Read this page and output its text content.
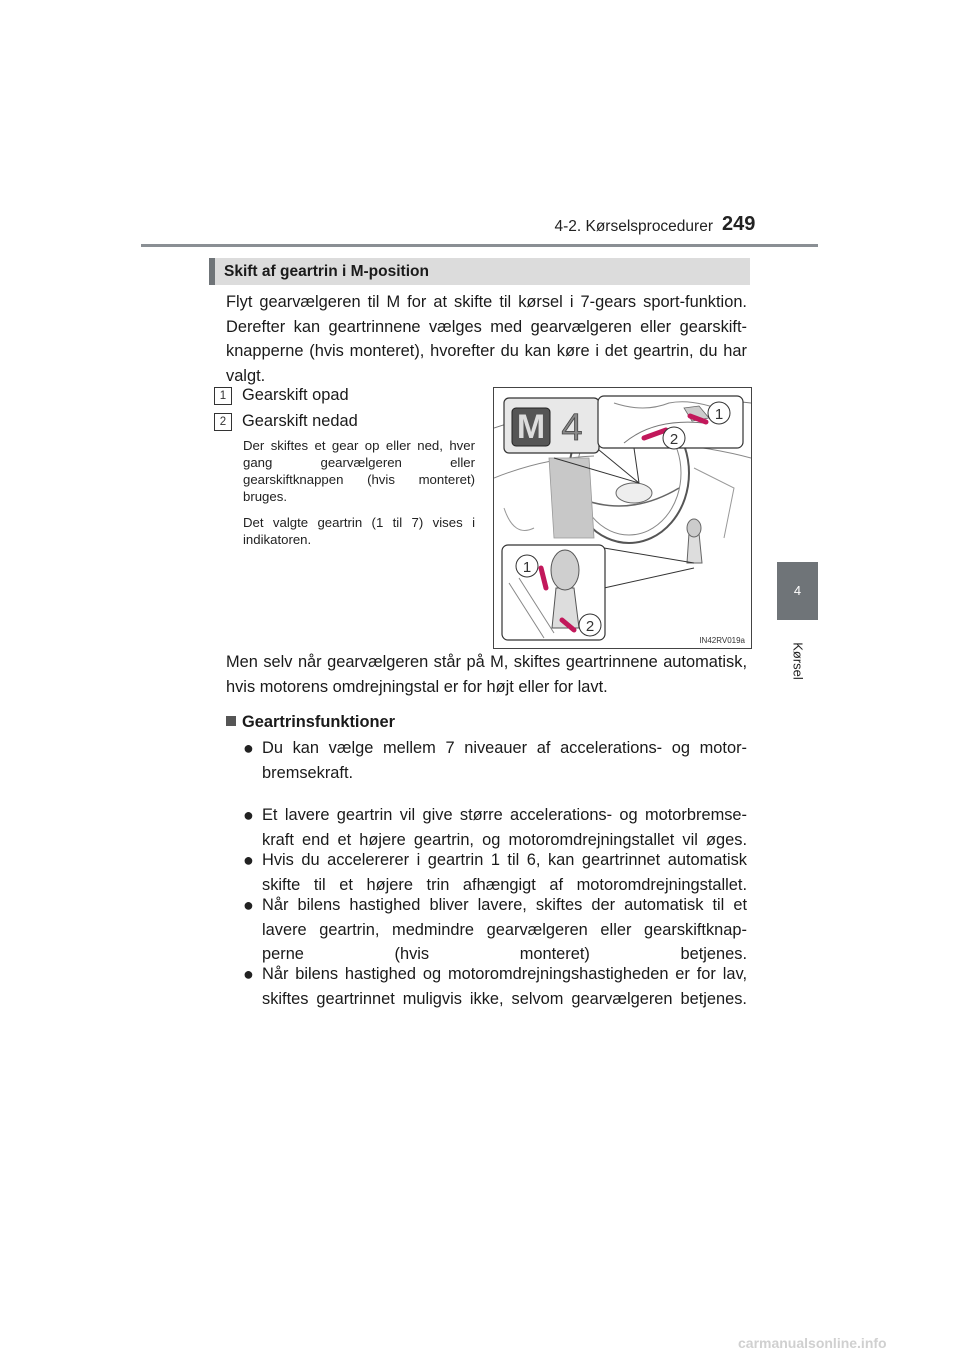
4-2. Kørselsprocedurer 249
4
Kørsel
Skift af geartrin i M-position
Flyt gearvælgeren til M for at skifte til kørsel i 7-gears sport-funktion.
Derefter kan geartrinnene vælges med gearvælgeren eller gearskift-
knapperne (hvis monteret), hvorefter du kan køre i det geartrin, du har
valgt.
1 Gearskift opad
2 Gearskift nedad
Der skiftes et gear op eller ned, hver gang gearvælgeren eller gearskiftknappen (hvis monteret) bruges.
Det valgte geartrin (1 til 7) vises i indikatoren.
M 4	1
2
1
2
IN42RV019a
Men selv når gearvælgeren står på M, skiftes geartrinnene automatisk,
hvis motorens omdrejningstal er for højt eller for lavt.
Geartrinsfunktioner
● Du kan vælge mellem 7 niveauer af accelerations- og motor-
bremsekraft.
● Et lavere geartrin vil give større accelerations- og motorbremse-
kraft end et højere geartrin, og motoromdrejningstallet vil øges.
● Hvis du accelererer i geartrin 1 til 6, kan geartrinnet automatisk
skifte til et højere trin afhængigt af motoromdrejningstallet.
● Når bilens hastighed bliver lavere, skiftes der automatisk til et
lavere geartrin, medmindre gearvælgeren eller gearskiftknap-
perne (hvis monteret) betjenes.
● Når bilens hastighed og motoromdrejningshastigheden er for lav,
skiftes geartrinnet muligvis ikke, selvom gearvælgeren betjenes.
carmanualsonline.info
